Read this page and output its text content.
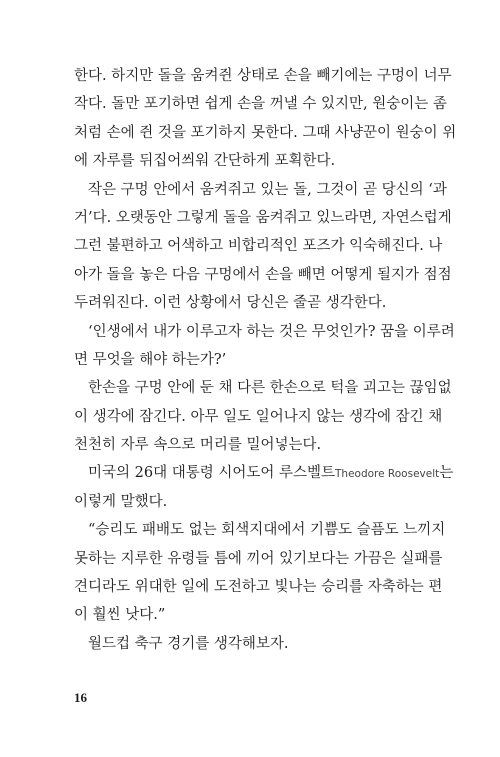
한다. 하지만 돌을 움켜쥔 상태로 손을 빼기에는 구멍이 너무
작다. 돌만 포기하면 쉽게 손을 꺼낼 수 있지만, 원숭이는 좀
처럼 손에 쥔 것을 포기하지 못한다. 그때 사냥꾼이 원숭이 위
에 자루를 뒤집어씌워 간단하게 포획한다.
작은 구멍 안에서 움켜쥐고 있는 돌, 그것이 곧 당신의 ‘과
거’다. 오랫동안 그렇게 돌을 움켜쥐고 있느라면, 자연스럽게
그런 불편하고 어색하고 비합리적인 포즈가 익숙해진다. 나
아가 돌을 놓은 다음 구멍에서 손을 빼면 어떻게 될지가 점점
두려워진다. 이런 상황에서 당신은 줄곧 생각한다.
‘인생에서 내가 이루고자 하는 것은 무엇인가? 꿈을 이루려
면 무엇을 해야 하는가?’
한손을 구멍 안에 둔 채 다른 한손으로 턱을 괴고는 끊임없
이 생각에 잠긴다. 아무 일도 일어나지 않는 생각에 잠긴 채
천천히 자루 속으로 머리를 밀어넣는다.
미국의 26대 대통령 시어도어 루스벨트Theodore Roosevelt는
이렇게 말했다.
“승리도 패배도 없는 회색지대에서 기쁨도 슬픔도 느끼지
못하는 지루한 유령들 틈에 끼어 있기보다는 가끔은 실패를
견디라도 위대한 일에 도전하고 빛나는 승리를 자축하는 편
이 훨씬 낫다.”
월드컵 축구 경기를 생각해보자.
16
